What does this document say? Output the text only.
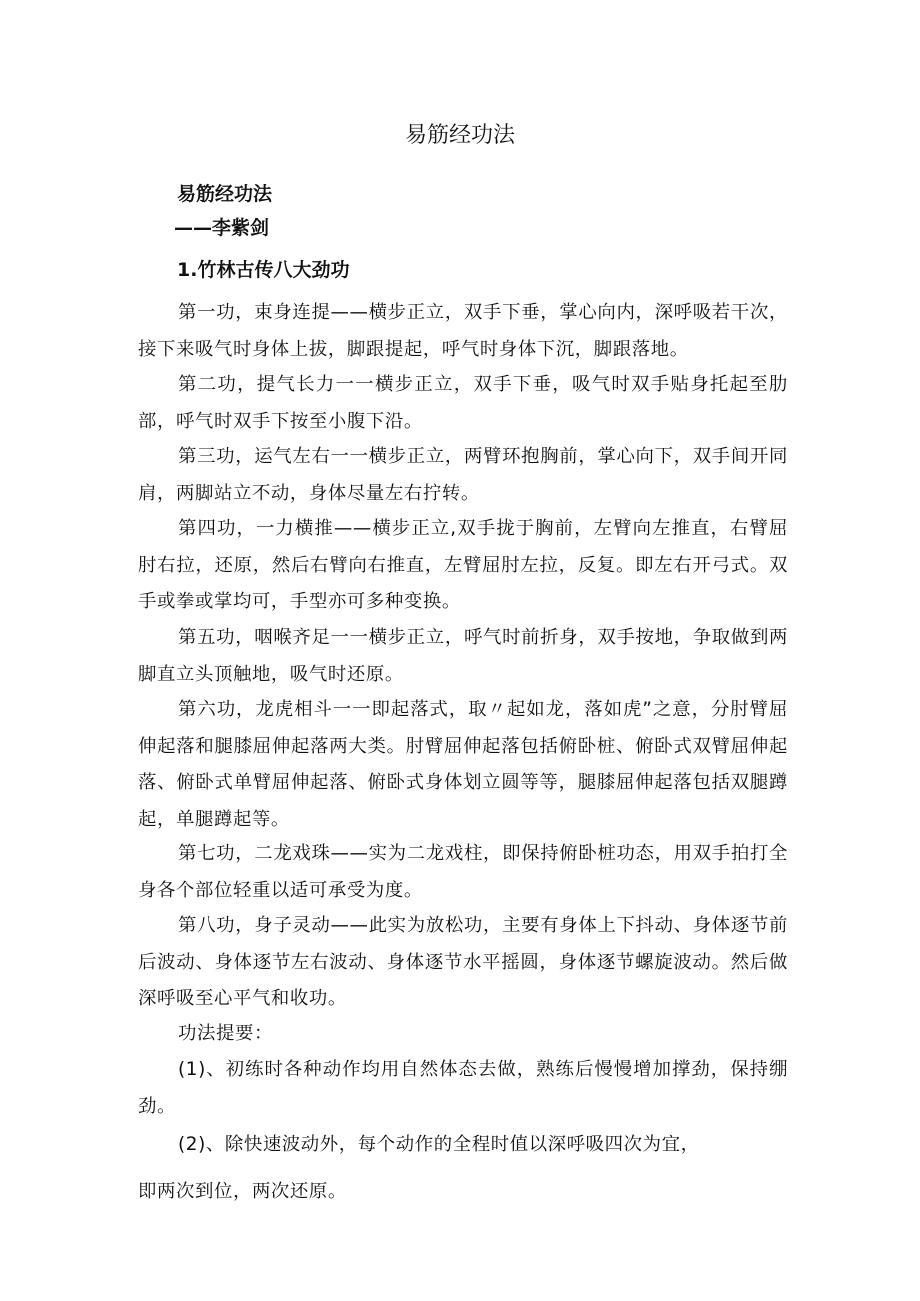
易筋经功法
易筋经功法
——李紫剑
1.竹林古传八大劲功

第一功，束身连提——横步正立，双手下垂，掌心向内，深呼吸若干次，接下来吸气时身体上拔，脚跟提起，呼气时身体下沉，脚跟落地。

第二功，提气长力一一横步正立，双手下垂，吸气时双手贴身托起至肋部，呼气时双手下按至小腹下沿。

第三功，运气左右一一横步正立，两臂环抱胸前，掌心向下，双手间开同肩，两脚站立不动，身体尽量左右拧转。

第四功，一力横推——横步正立,双手拢于胸前，左臂向左推直，右臂屈肘右拉，还原，然后右臂向右推直，左臂屈肘左拉，反复。即左右开弓式。双手或拳或掌均可，手型亦可多种变换。

第五功，咽喉齐足一一横步正立，呼气时前折身，双手按地，争取做到两脚直立头顶触地，吸气时还原。

第六功，龙虎相斗一一即起落式，取〃起如龙，落如虎”之意，分肘臂屈伸起落和腿膝屈伸起落两大类。肘臂屈伸起落包括俯卧桩、俯卧式双臂屈伸起落、俯卧式单臂屈伸起落、俯卧式身体划立圆等等，腿膝屈伸起落包括双腿蹲起，单腿蹲起等。

第七功，二龙戏珠——实为二龙戏柱，即保持俯卧桩功态，用双手拍打全身各个部位轻重以适可承受为度。

第八功，身子灵动——此实为放松功，主要有身体上下抖动、身体逐节前后波动、身体逐节左右波动、身体逐节水平摇圆，身体逐节螺旋波动。然后做深呼吸至心平气和收功。

功法提要：

(1)、初练时各种动作均用自然体态去做，熟练后慢慢增加撑劲，保持绷劲。

(2)、除快速波动外，每个动作的全程时值以深呼吸四次为宜，

即两次到位，两次还原。
